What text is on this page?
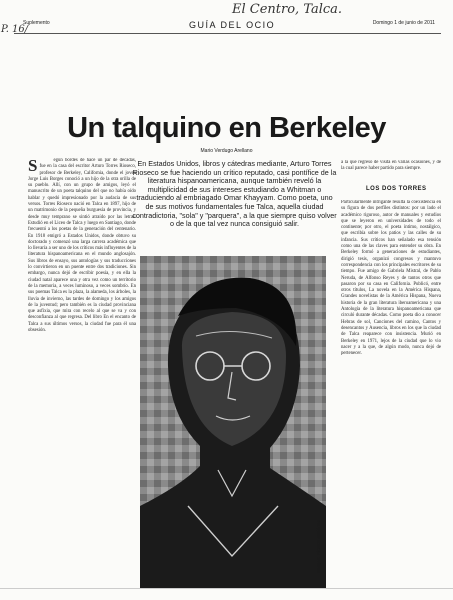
El Centro, Talca.
P. 16/
Suplemento	GUÍA DEL OCIO	Domingo 1 de junio de 2011
Un talquino en Berkeley
Mario Verdugo Arellano
S	egún bordes de hace un par de décadas, fue en la casa del escritor Arturo Torres Rioseco, profesor de Berkeley, California, donde el joven Jorge Luis Borges conoció a un hijo de la otra orilla de su pueblo. Allí, con un grupo de amigos, leyó el manuscrito de un poeta talquino del que no había oído hablar y quedó impresionado por la audacia de sus versos. Torres Rioseco nació en Talca en 1897, hijo de un matrimonio de la pequeña burguesía de provincia, y desde muy temprano se sintió atraído por las letras. Estudió en el Liceo de Talca y luego en Santiago, donde frecuentó a los poetas de la generación del centenario. En 1918 emigró a Estados Unidos, donde obtuvo su doctorado y comenzó una larga carrera académica que lo llevaría a ser uno de los críticos más influyentes de la literatura hispanoamericana en el mundo anglosajón. Sus libros de ensayo, sus antologías y sus traducciones lo convirtieron en un puente entre dos tradiciones. Sin embargo, nunca dejó de escribir poesía, y en ella la ciudad natal aparece una y otra vez como un territorio de la memoria, a veces luminoso, a veces sombrío. En sus poemas Talca es la plaza, la alameda, los árboles, la lluvia de invierno, las tardes de domingo y los amigos de la juventud; pero también es la ciudad provinciana que asfixia, que mira con recelo al que se va y con desconfianza al que regresa. Del libro En el encanto de Talca a sus últimos versos, la ciudad fue para él una obsesión.
En Estados Unidos, libros y cátedras mediante, Arturo Torres Rioseco se fue haciendo un crítico reputado, casi pontífice de la literatura hispanoamericana, aunque también reveló la multiplicidad de sus intereses estudiando a Whitman o traduciendo al embriagado Omar Khayyam. Como poeta, uno de sus motivos fundamentales fue Talca, aquella ciudad contradictoria, "sola" y "parquera", a la que siempre quiso volver o de la que tal vez nunca consiguió salir.
a la que regresó de visita en varias ocasiones, y de la cual parece haber partido para siempre.
LOS DOS TORRES
Particularmente intrigante resulta la coexistencia en su figura de dos perfiles distintos: por un lado el académico riguroso, autor de manuales y estudios que se leyeron en universidades de todo el continente; por otro, el poeta íntimo, nostálgico, que escribía sobre los patios y las calles de su infancia. Sus críticos han señalado esa tensión como una de las claves para entender su obra. En Berkeley formó a generaciones de estudiantes, dirigió tesis, organizó congresos y mantuvo correspondencia con los principales escritores de su tiempo. Fue amigo de Gabriela Mistral, de Pablo Neruda, de Alfonso Reyes y de tantos otros que pasaron por su casa en California. Publicó, entre otros títulos, La novela en la América Hispana, Grandes novelistas de la América Hispana, Nueva historia de la gran literatura iberoamericana y una Antología de la literatura hispanoamericana que circuló durante décadas. Como poeta dio a conocer Hebras de sol, Canciones del camino, Cantos y desencantos y Ausencia, libros en los que la ciudad de Talca reaparece con insistencia. Murió en Berkeley en 1971, lejos de la ciudad que lo vio nacer y a la que, de algún modo, nunca dejó de pertenecer.
Imagen: Ricardo Gutiérrez
